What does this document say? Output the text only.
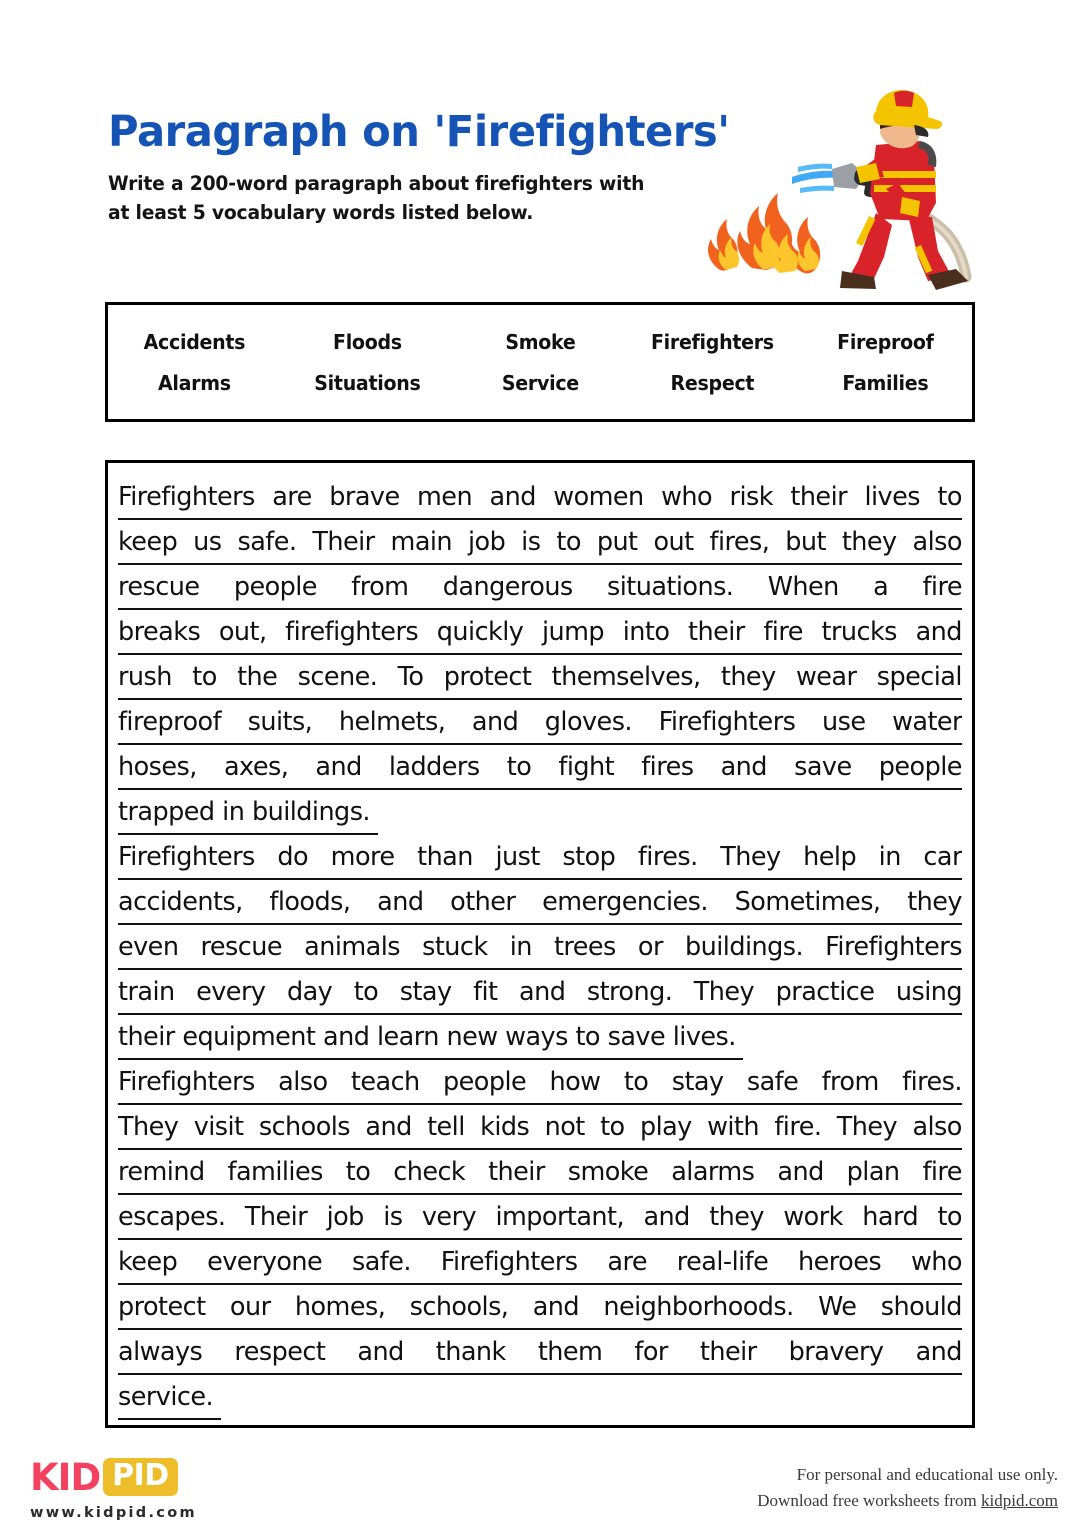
Paragraph on 'Firefighters'
Write a 200-word paragraph about firefighters with
at least 5 vocabulary words listed below.
Accidents	Floods	Smoke	Firefighters	Fireproof
Alarms	Situations	Service	Respect	Families
Firefighters are brave men and women who risk their lives to
keep us safe. Their main job is to put out fires, but they also
rescue people from dangerous situations. When a fire
breaks out, firefighters quickly jump into their fire trucks and
rush to the scene. To protect themselves, they wear special
fireproof suits, helmets, and gloves. Firefighters use water
hoses, axes, and ladders to fight fires and save people
trapped in buildings.
Firefighters do more than just stop fires. They help in car
accidents, floods, and other emergencies. Sometimes, they
even rescue animals stuck in trees or buildings. Firefighters
train every day to stay fit and strong. They practice using
their equipment and learn new ways to save lives.
Firefighters also teach people how to stay safe from fires.
They visit schools and tell kids not to play with fire. They also
remind families to check their smoke alarms and plan fire
escapes. Their job is very important, and they work hard to
keep everyone safe. Firefighters are real-life heroes who
protect our homes, schools, and neighborhoods. We should
always respect and thank them for their bravery and
service.
KID PID
www.kidpid.com
For personal and educational use only.
Download free worksheets from kidpid.com
